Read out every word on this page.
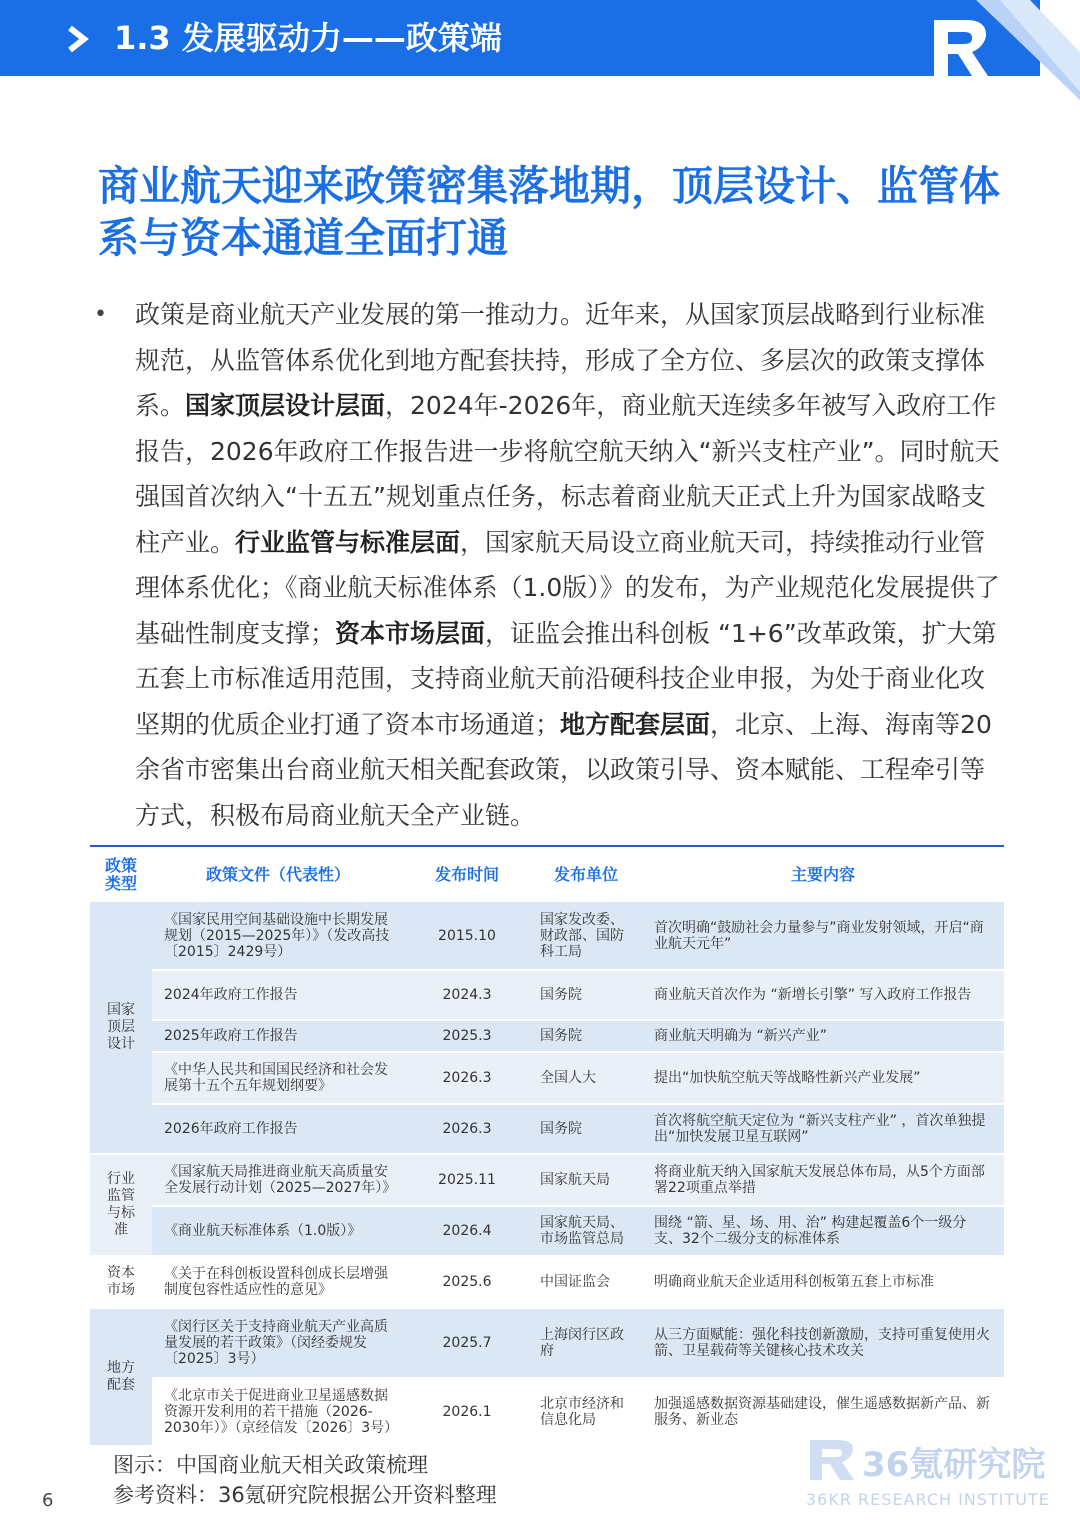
1.3 发展驱动力——政策端
商业航天迎来政策密集落地期，顶层设计、监管体系与资本通道全面打通
• 政策是商业航天产业发展的第一推动力。近年来，从国家顶层战略到行业标准规范，从监管体系优化到地方配套扶持，形成了全方位、多层次的政策支撑体系。国家顶层设计层面，2024年-2026年，商业航天连续多年被写入政府工作报告，2026年政府工作报告进一步将航空航天纳入“新兴支柱产业”。同时航天强国首次纳入“十五五”规划重点任务，标志着商业航天正式上升为国家战略支柱产业。行业监管与标准层面，国家航天局设立商业航天司，持续推动行业管理体系优化；《商业航天标准体系（1.0版）》的发布，为产业规范化发展提供了基础性制度支撑；资本市场层面，证监会推出科创板 “1+6”改革政策，扩大第五套上市标准适用范围，支持商业航天前沿硬科技企业申报，为处于商业化攻坚期的优质企业打通了资本市场通道；地方配套层面，北京、上海、海南等20余省市密集出台商业航天相关配套政策，以政策引导、资本赋能、工程牵引等方式，积极布局商业航天全产业链。
政策
类型	政策文件（代表性）	发布时间	发布单位	主要内容
国家
顶层
设计	《国家民用空间基础设施中长期发展规划（2015—2025年）》（发改高技〔2015〕2429号）	2015.10	国家发改委、财政部、国防科工局	首次明确“鼓励社会力量参与”商业发射领域，开启“商业航天元年”
	2024年政府工作报告	2024.3	国务院	商业航天首次作为 “新增长引擎” 写入政府工作报告
	2025年政府工作报告	2025.3	国务院	商业航天明确为 “新兴产业”
	《中华人民共和国国民经济和社会发展第十五个五年规划纲要》	2026.3	全国人大	提出“加快航空航天等战略性新兴产业发展”
	2026年政府工作报告	2026.3	国务院	首次将航空航天定位为 “新兴支柱产业” ，首次单独提出“加快发展卫星互联网”
行业
监管
与标
准	《国家航天局推进商业航天高质量安全发展行动计划（2025—2027年）》	2025.11	国家航天局	将商业航天纳入国家航天发展总体布局，从5个方面部署22项重点举措
	《商业航天标准体系（1.0版）》	2026.4	国家航天局、市场监管总局	围绕 “箭、星、场、用、治” 构建起覆盖6个一级分支、32个二级分支的标准体系
资本
市场	《关于在科创板设置科创成长层增强制度包容性适应性的意见》	2025.6	中国证监会	明确商业航天企业适用科创板第五套上市标准
地方
配套	《闵行区关于支持商业航天产业高质量发展的若干政策》（闵经委规发〔2025〕3号）	2025.7	上海闵行区政府	从三方面赋能：强化科技创新激励，支持可重复使用火箭、卫星载荷等关键核心技术攻关
	《北京市关于促进商业卫星遥感数据资源开发利用的若干措施（2026-2030年）》（京经信发〔2026〕3号）	2026.1	北京市经济和信息化局	加强遥感数据资源基础建设，催生遥感数据新产品、新服务、新业态
36氪研究院
36KR RESEARCH INSTITUTE
图示：中国商业航天相关政策梳理
参考资料：36氪研究院根据公开资料整理
6
